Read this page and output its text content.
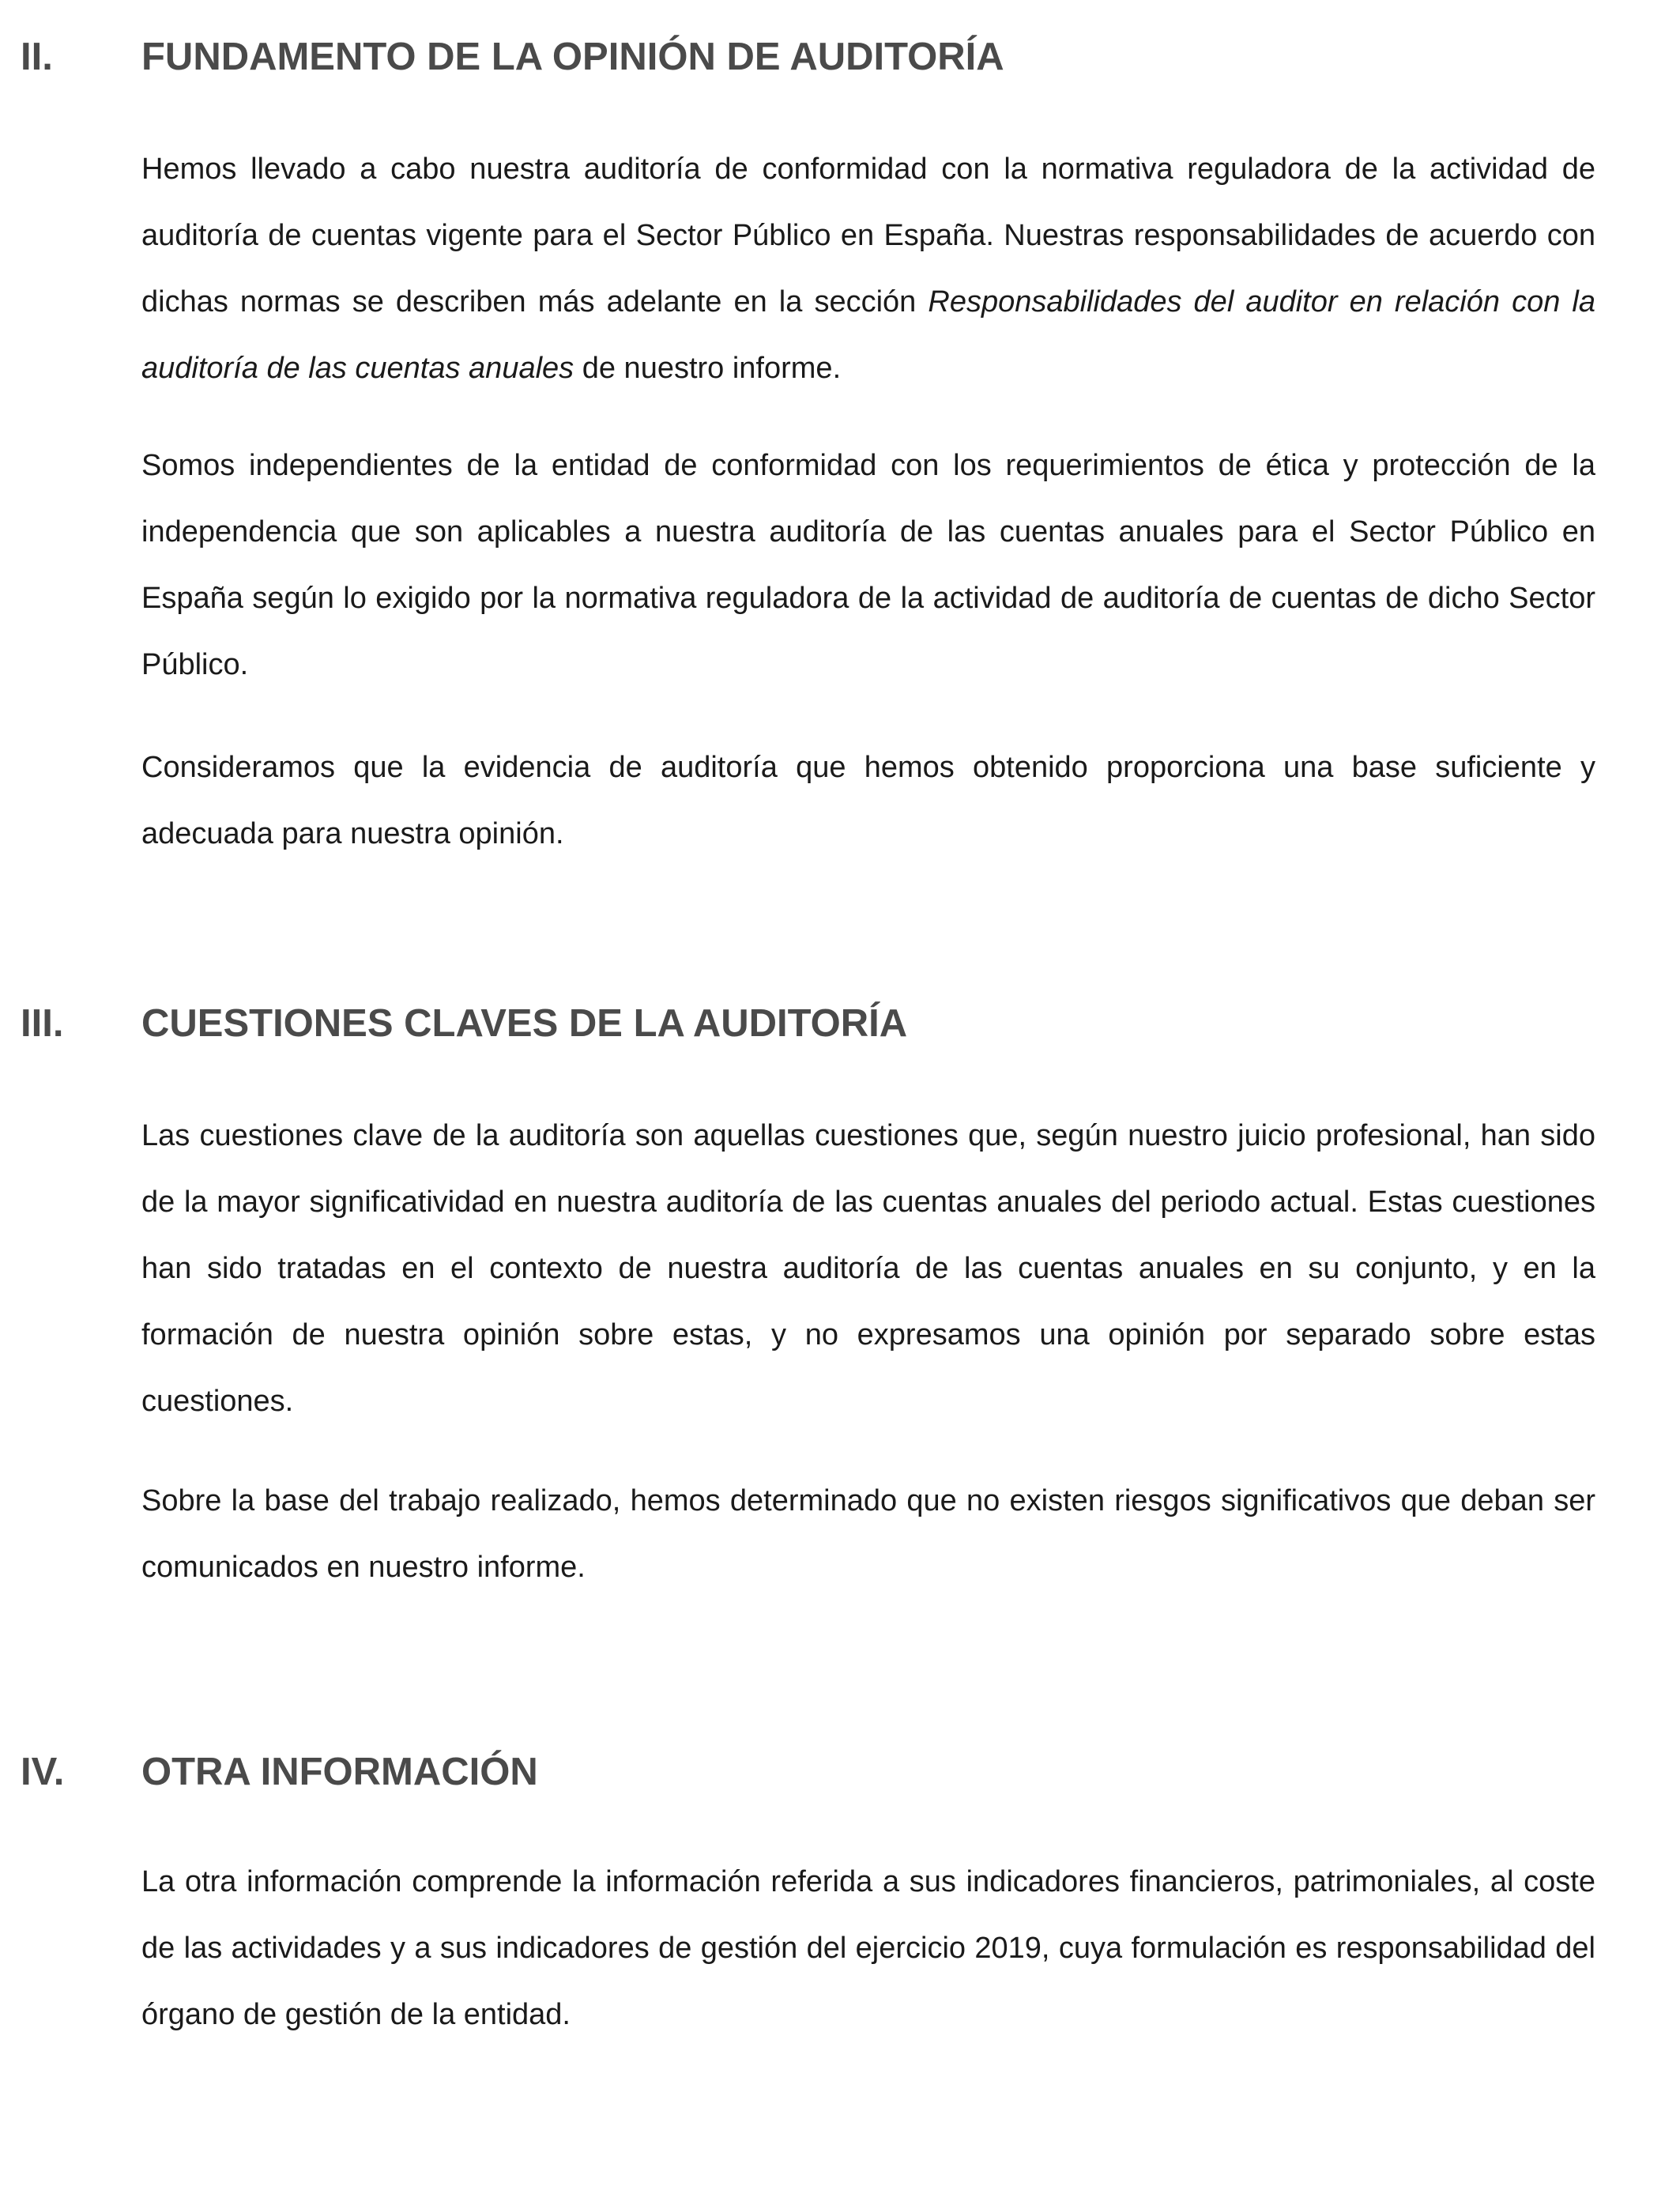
II. FUNDAMENTO DE LA OPINIÓN DE AUDITORÍA

Hemos llevado a cabo nuestra auditoría de conformidad con la normativa reguladora de la actividad de auditoría de cuentas vigente para el Sector Público en España. Nuestras responsabilidades de acuerdo con dichas normas se describen más adelante en la sección Responsabilidades del auditor en relación con la auditoría de las cuentas anuales de nuestro informe.

Somos independientes de la entidad de conformidad con los requerimientos de ética y protección de la independencia que son aplicables a nuestra auditoría de las cuentas anuales para el Sector Público en España según lo exigido por la normativa reguladora de la actividad de auditoría de cuentas de dicho Sector Público.

Consideramos que la evidencia de auditoría que hemos obtenido proporciona una base suficiente y adecuada para nuestra opinión.

III. CUESTIONES CLAVES DE LA AUDITORÍA

Las cuestiones clave de la auditoría son aquellas cuestiones que, según nuestro juicio profesional, han sido de la mayor significatividad en nuestra auditoría de las cuentas anuales del periodo actual. Estas cuestiones han sido tratadas en el contexto de nuestra auditoría de las cuentas anuales en su conjunto, y en la formación de nuestra opinión sobre estas, y no expresamos una opinión por separado sobre estas cuestiones.

Sobre la base del trabajo realizado, hemos determinado que no existen riesgos significativos que deban ser comunicados en nuestro informe.

IV. OTRA INFORMACIÓN

La otra información comprende la información referida a sus indicadores financieros, patrimoniales, al coste de las actividades y a sus indicadores de gestión del ejercicio 2019, cuya formulación es responsabilidad del órgano de gestión de la entidad.
